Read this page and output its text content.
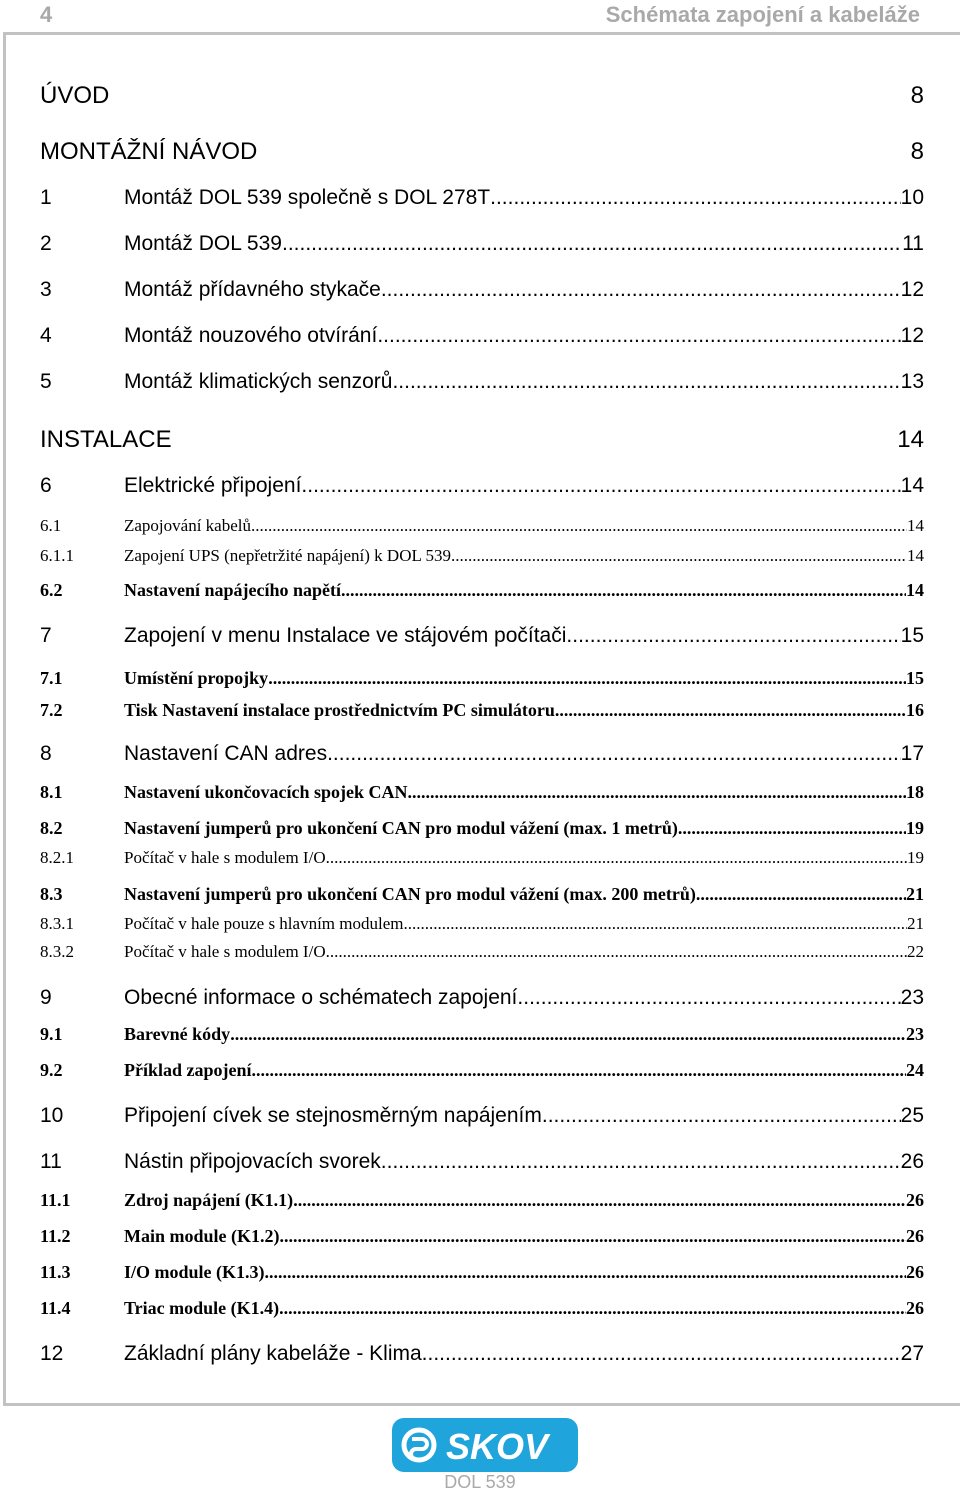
4	Schémata zapojení a kabeláže
ÚVOD	8
MONTÁŽNÍ NÁVOD	8
1	Montáž DOL 539 společně s DOL 278T .....	10
2	Montáž DOL 539 .....	11
3	Montáž přídavného stykače .....	12
4	Montáž nouzového otvírání .....	12
5	Montáž klimatických senzorů .....	13
INSTALACE	14
6	Elektrické připojení .....	14
6.1	Zapojování kabelů .....	14
6.1.1	Zapojení UPS (nepřetržité napájení) k DOL 539 .....	14
6.2	Nastavení napájecího napětí .....	14
7	Zapojení v menu Instalace ve stájovém počítači .....	15
7.1	Umístění propojky .....	15
7.2	Tisk Nastavení instalace prostřednictvím PC simulátoru .....	16
8	Nastavení CAN adres .....	17
8.1	Nastavení ukončovacích spojek CAN .....	18
8.2	Nastavení jumperů pro ukončení CAN pro modul vážení (max. 1 metrů) .....	19
8.2.1	Počítač v hale s modulem I/O .....	19
8.3	Nastavení jumperů pro ukončení CAN pro modul vážení (max. 200 metrů) .....	21
8.3.1	Počítač v hale pouze s hlavním modulem .....	21
8.3.2	Počítač v hale s modulem I/O .....	22
9	Obecné informace o schématech zapojení .....	23
9.1	Barevné kódy .....	23
9.2	Příklad zapojení .....	24
10	Připojení cívek se stejnosměrným napájením .....	25
11	Nástin připojovacích svorek .....	26
11.1	Zdroj napájení (K1.1) .....	26
11.2	Main module (K1.2) .....	26
11.3	I/O module (K1.3) .....	26
11.4	Triac module (K1.4) .....	26
12	Základní plány kabeláže - Klima .....	27
SKOV
DOL 539
